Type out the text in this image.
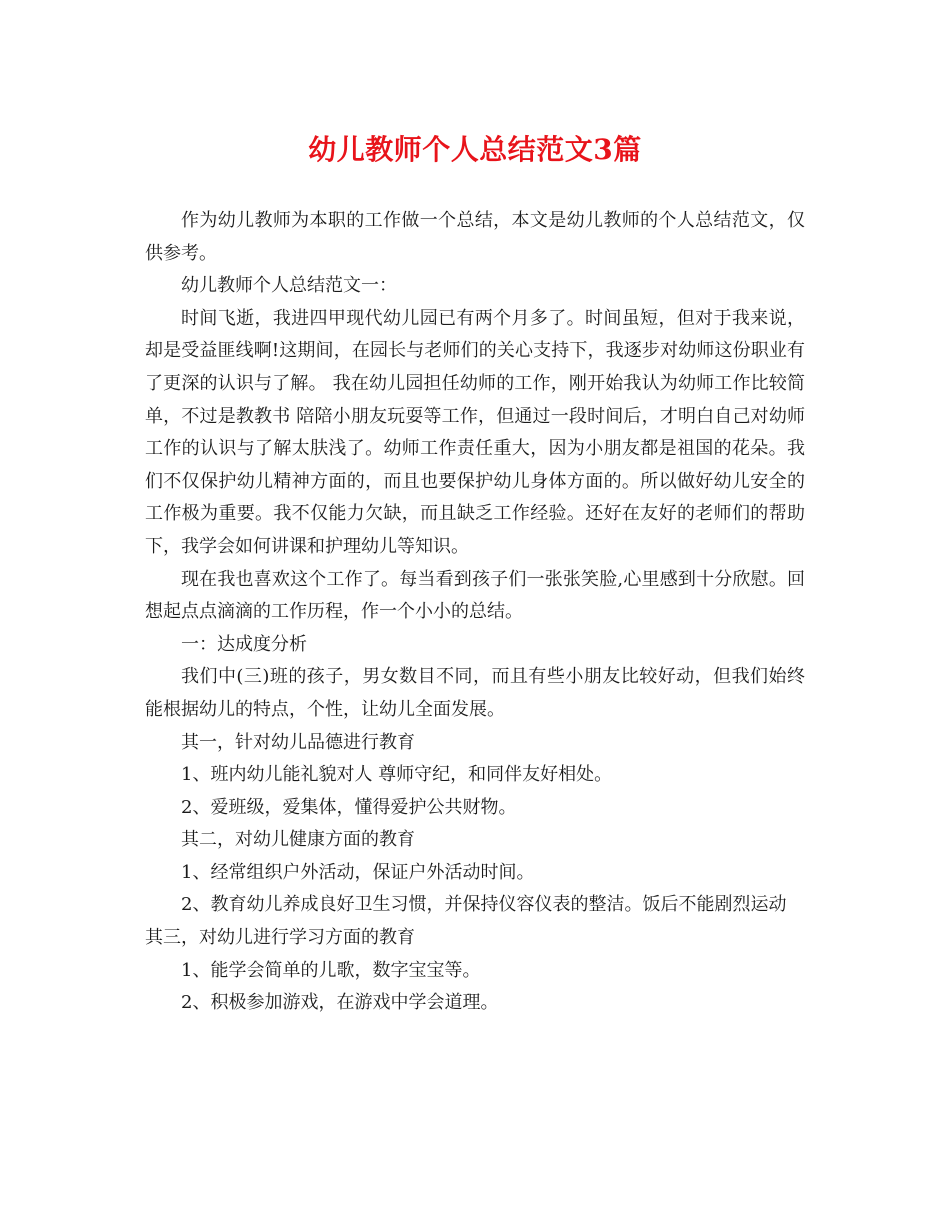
幼儿教师个人总结范文3篇

作为幼儿教师为本职的工作做一个总结，本文是幼儿教师的个人总结范文，仅供参考。

幼儿教师个人总结范文一：

时间飞逝，我进四甲现代幼儿园已有两个月多了。时间虽短，但对于我来说，却是受益匪线啊!这期间，在园长与老师们的关心支持下，我逐步对幼师这份职业有了更深的认识与了解。 我在幼儿园担任幼师的工作，刚开始我认为幼师工作比较简单，不过是教教书 陪陪小朋友玩耍等工作，但通过一段时间后，才明白自己对幼师工作的认识与了解太肤浅了。幼师工作责任重大，因为小朋友都是祖国的花朵。我们不仅保护幼儿精神方面的，而且也要保护幼儿身体方面的。所以做好幼儿安全的工作极为重要。我不仅能力欠缺，而且缺乏工作经验。还好在友好的老师们的帮助下，我学会如何讲课和护理幼儿等知识。

现在我也喜欢这个工作了。每当看到孩子们一张张笑脸,心里感到十分欣慰。回想起点点滴滴的工作历程，作一个小小的总结。

一：达成度分析

我们中(三)班的孩子，男女数目不同，而且有些小朋友比较好动，但我们始终能根据幼儿的特点，个性，让幼儿全面发展。

其一，针对幼儿品德进行教育

1、班内幼儿能礼貌对人 尊师守纪，和同伴友好相处。

2、爱班级，爱集体，懂得爱护公共财物。

其二，对幼儿健康方面的教育

1、经常组织户外活动，保证户外活动时间。

2、教育幼儿养成良好卫生习惯，并保持仪容仪表的整洁。饭后不能剧烈运动

其三，对幼儿进行学习方面的教育

1、能学会简单的儿歌，数字宝宝等。

2、积极参加游戏，在游戏中学会道理。
